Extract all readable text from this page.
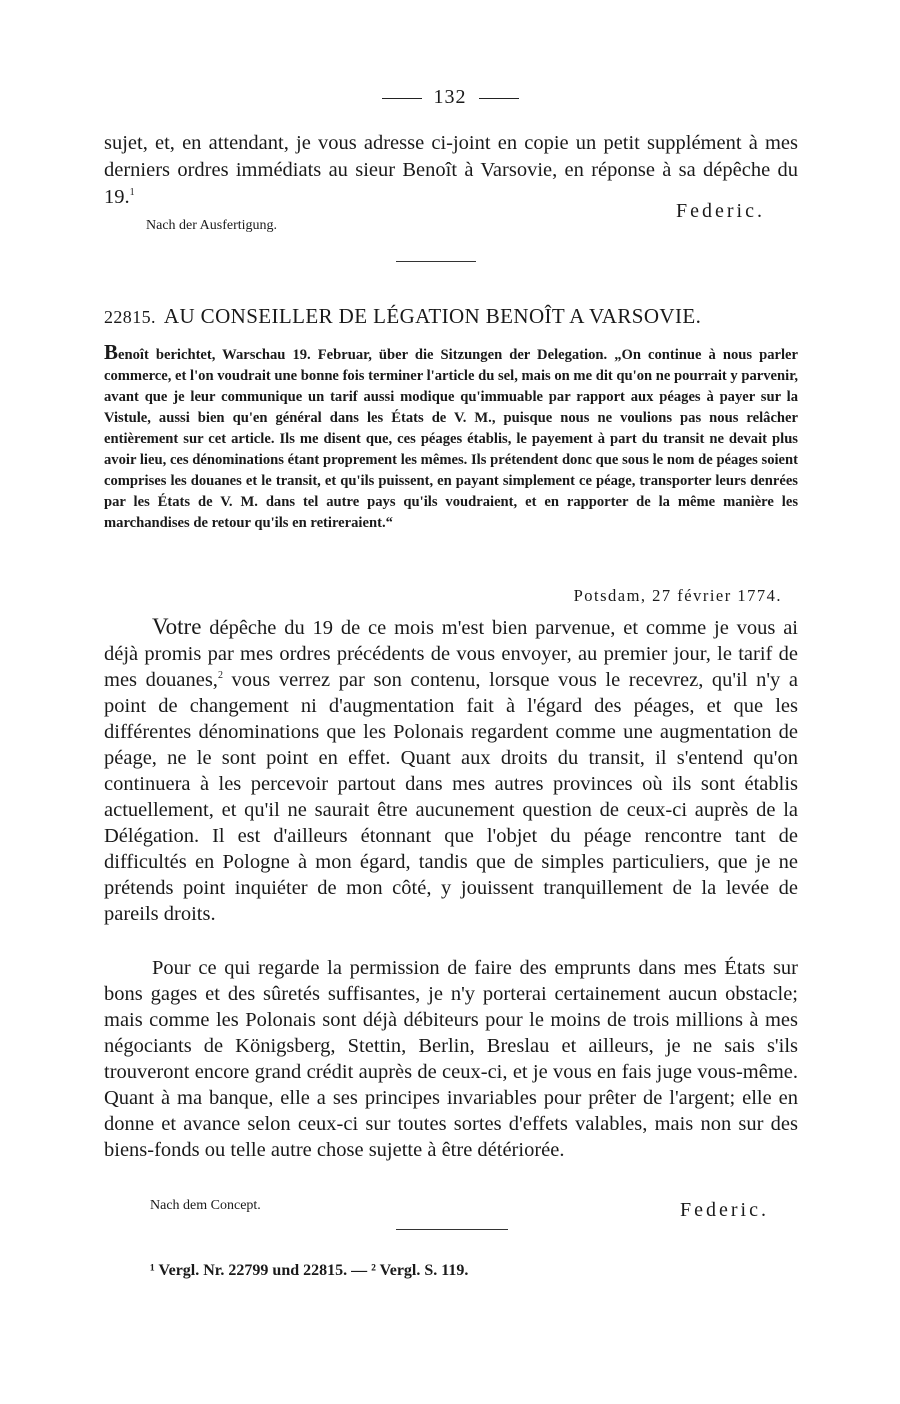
132
sujet, et, en attendant, je vous adresse ci-joint en copie un petit supplément à mes derniers ordres immédiats au sieur Benoît à Varsovie, en réponse à sa dépêche du 19.$^1$
Nach der Ausfertigung.
Federic.
22815. AU CONSEILLER DE LÉGATION BENOÎT A VARSOVIE.
Benoît berichtet, Warschau 19. Februar, über die Sitzungen der Delegation. „On continue à nous parler commerce, et l'on voudrait une bonne fois terminer l'article du sel, mais on me dit qu'on ne pourrait y parvenir, avant que je leur communique un tarif aussi modique qu'immuable par rapport aux péages à payer sur la Vistule, aussi bien qu'en général dans les États de V. M., puisque nous ne voulions pas nous relâcher entièrement sur cet article. Ils me disent que, ces péages établis, le payement à part du transit ne devait plus avoir lieu, ces dénominations étant proprement les mêmes. Ils prétendent donc que sous le nom de péages soient comprises les douanes et le transit, et qu'ils puissent, en payant simplement ce péage, transporter leurs denrées par les États de V. M. dans tel autre pays qu'ils voudraient, et en rapporter de la même manière les marchandises de retour qu'ils en retireraient.“
Potsdam, 27 février 1774.
Votre dépêche du 19 de ce mois m'est bien parvenue, et comme je vous ai déjà promis par mes ordres précédents de vous envoyer, au premier jour, le tarif de mes douanes,$^2$ vous verrez par son contenu, lorsque vous le recevrez, qu'il n'y a point de changement ni d'augmentation fait à l'égard des péages, et que les différentes dénominations que les Polonais regardent comme une augmentation de péage, ne le sont point en effet. Quant aux droits du transit, il s'entend qu'on continuera à les percevoir partout dans mes autres provinces où ils sont établis actuellement, et qu'il ne saurait être aucunement question de ceux-ci auprès de la Délégation. Il est d'ailleurs étonnant que l'objet du péage rencontre tant de difficultés en Pologne à mon égard, tandis que de simples particuliers, que je ne prétends point inquiéter de mon côté, y jouissent tranquillement de la levée de pareils droits.
Pour ce qui regarde la permission de faire des emprunts dans mes États sur bons gages et des sûretés suffisantes, je n'y porterai certainement aucun obstacle; mais comme les Polonais sont déjà débiteurs pour le moins de trois millions à mes négociants de Königsberg, Stettin, Berlin, Breslau et ailleurs, je ne sais s'ils trouveront encore grand crédit auprès de ceux-ci, et je vous en fais juge vous-même. Quant à ma banque, elle a ses principes invariables pour prêter de l'argent; elle en donne et avance selon ceux-ci sur toutes sortes d'effets valables, mais non sur des biens-fonds ou telle autre chose sujette à être détériorée.
Nach dem Concept.	Federic.
¹ Vergl. Nr. 22799 und 22815. — ² Vergl. S. 119.
